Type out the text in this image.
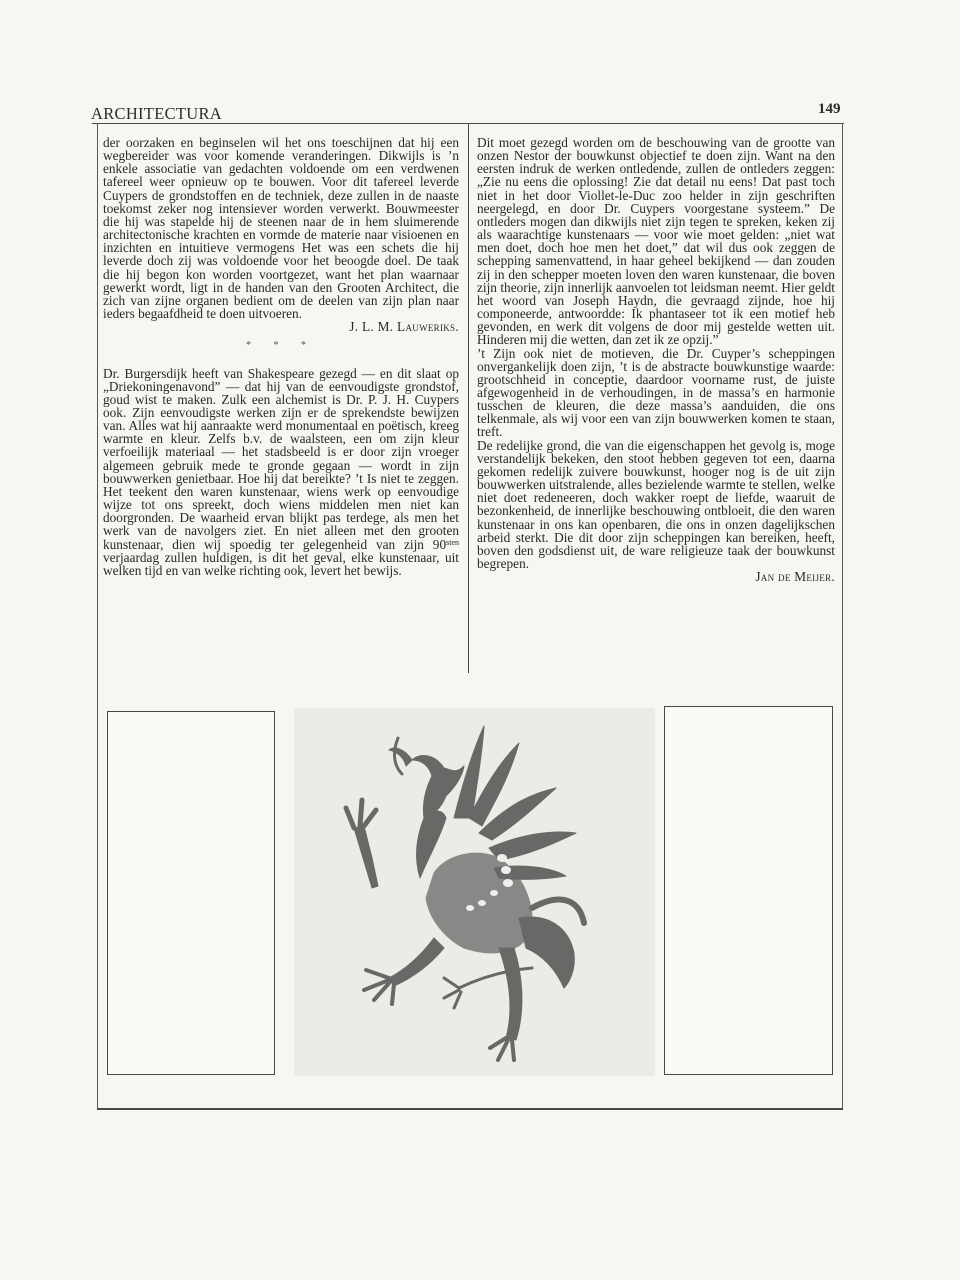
ARCHITECTURA	149

der oorzaken en beginselen wil het ons toeschijnen dat hij een wegbereider was voor komende veranderingen. Dikwijls is ’n enkele associatie van gedachten voldoende om een verdwenen tafereel weer opnieuw op te bouwen. Voor dit tafereel leverde Cuypers de grondstoffen en de techniek, deze zullen in de naaste toekomst zeker nog intensiever worden verwerkt. Bouwmeester die hij was stapelde hij de steenen naar de in hem sluimerende architectonische krachten en vormde de materie naar visioenen en inzichten en intuitieve vermogens Het was een schets die hij leverde doch zij was voldoende voor het beoogde doel. De taak die hij begon kon worden voortgezet, want het plan waarnaar gewerkt wordt, ligt in de handen van den Grooten Architect, die zich van zijne organen bedient om de deelen van zijn plan naar ieders begaafdheid te doen uitvoeren.

J. L. M. Lauweriks.

* * *

Dr. Burgersdijk heeft van Shakespeare gezegd — en dit slaat op „Driekoningenavond” — dat hij van de eenvoudigste grondstof, goud wist te maken. Zulk een alchemist is Dr. P. J. H. Cuypers ook. Zijn eenvoudigste werken zijn er de sprekendste bewijzen van. Alles wat hij aanraakte werd monumentaal en poëtisch, kreeg warmte en kleur. Zelfs b.v. de waalsteen, een om zijn kleur verfoeilijk materiaal — het stadsbeeld is er door zijn vroeger algemeen gebruik mede te gronde gegaan — wordt in zijn bouwwerken genietbaar. Hoe hij dat bereikte? ’t Is niet te zeggen. Het teekent den waren kunstenaar, wiens werk op eenvoudige wijze tot ons spreekt, doch wiens middelen men niet kan doorgronden. De waarheid ervan blijkt pas terdege, als men het werk van de navolgers ziet. En niet alleen met den grooten kunstenaar, dien wij spoedig ter gelegenheid van zijn $90^{sten}$ verjaardag zullen huldigen, is dit het geval, elke kunstenaar, uit welken tijd en van welke richting ook, levert het bewijs.

Dit moet gezegd worden om de beschouwing van de grootte van onzen Nestor der bouwkunst objectief te doen zijn. Want na den eersten indruk de werken ontledende, zullen de ontleders zeggen: „Zie nu eens die oplossing! Zie dat detail nu eens! Dat past toch niet in het door Viollet-le-Duc zoo helder in zijn geschriften neergelegd, en door Dr. Cuypers voorgestane systeem.” De ontleders mogen dan dikwijls niet zijn tegen te spreken, keken zij als waarachtige kunstenaars — voor wie moet gelden: „niet wat men doet, doch hoe men het doet,” dat wil dus ook zeggen de schepping samenvattend, in haar geheel bekijkend — dan zouden zij in den schepper moeten loven den waren kunstenaar, die boven zijn theorie, zijn innerlijk aanvoelen tot leidsman neemt. Hier geldt het woord van Joseph Haydn, die gevraagd zijnde, hoe hij componeerde, antwoordde: Ik phantaseer tot ik een motief heb gevonden, en werk dit volgens de door mij gestelde wetten uit. Hinderen mij die wetten, dan zet ik ze opzij.”

’t Zijn ook niet de motieven, die Dr. Cuyper’s scheppingen onvergankelijk doen zijn, ’t is de abstracte bouwkunstige waarde: grootschheid in conceptie, daardoor voorname rust, de juiste afgewogenheid in de verhoudingen, in de massa’s en harmonie tusschen de kleuren, die deze massa’s aanduiden, die ons telkenmale, als wij voor een van zijn bouwwerken komen te staan, treft.

De redelijke grond, die van die eigenschappen het gevolg is, moge verstandelijk bekeken, den stoot hebben gegeven tot een, daarna gekomen redelijk zuivere bouwkunst, hooger nog is de uit zijn bouwwerken uitstralende, alles bezielende warmte te stellen, welke niet doet redeneeren, doch wakker roept de liefde, waaruit de bezonkenheid, de innerlijke beschouwing ontbloeit, die den waren kunstenaar in ons kan openbaren, die ons in onzen dagelijkschen arbeid sterkt. Die dit door zijn scheppingen kan bereiken, heeft, boven den godsdienst uit, de ware religieuze taak der bouwkunst begrepen.

Jan de Meijer.
